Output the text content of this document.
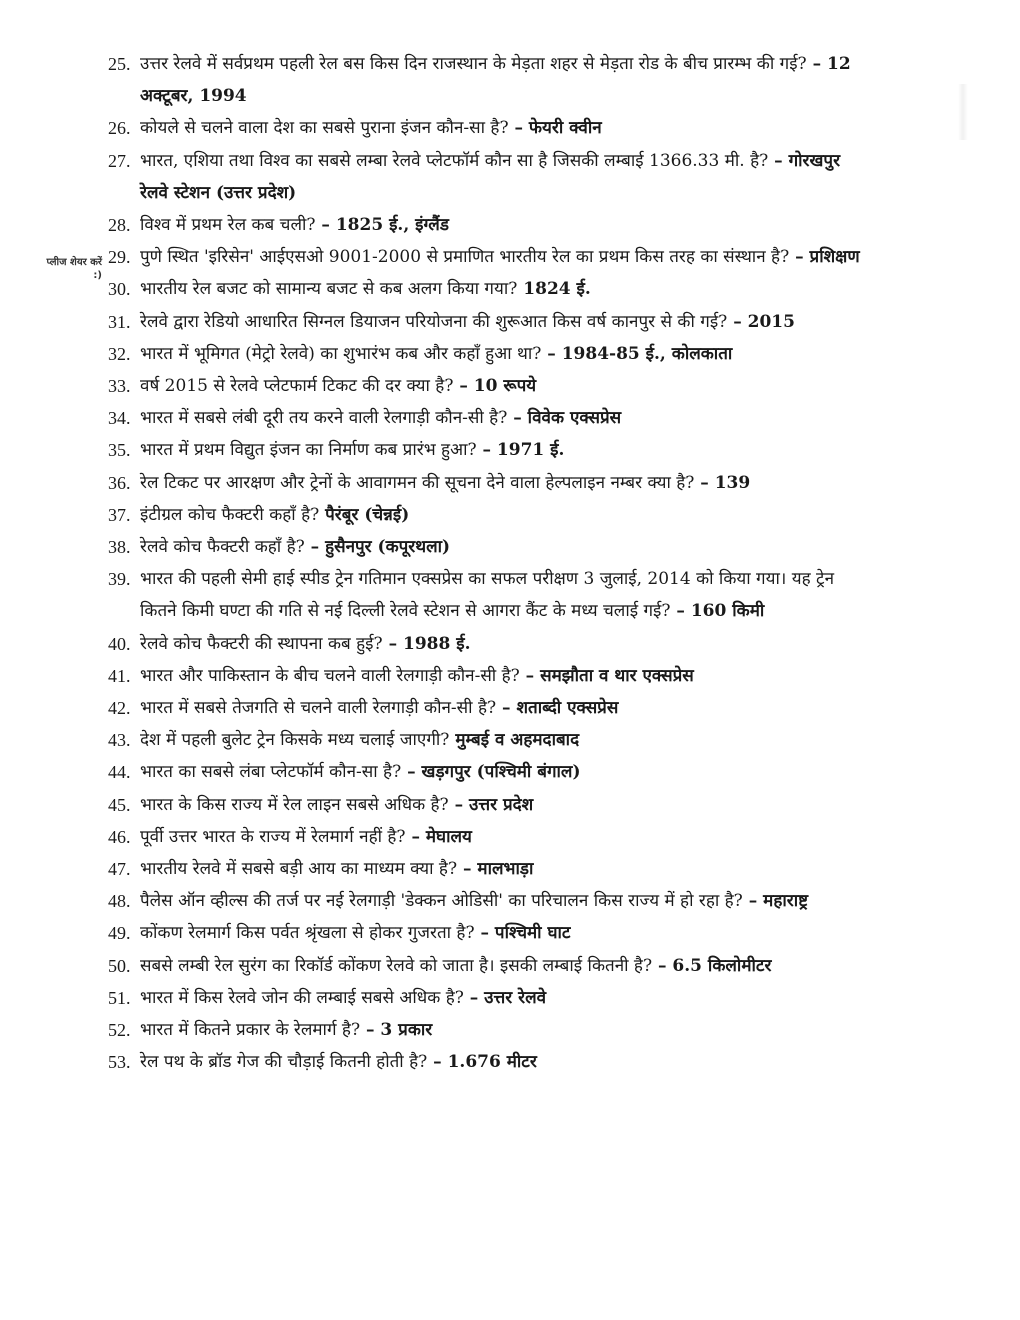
प्लीज शेयर करें :)
25. उत्तर रेलवे में सर्वप्रथम पहली रेल बस किस दिन राजस्थान के मेड़ता शहर से मेड़ता रोड के बीच प्रारम्भ की गई? – 12 अक्टूबर, 1994
26. कोयले से चलने वाला देश का सबसे पुराना इंजन कौन-सा है? – फेयरी क्वीन
27. भारत, एशिया तथा विश्व का सबसे लम्बा रेलवे प्लेटफॉर्म कौन सा है जिसकी लम्बाई 1366.33 मी. है? – गोरखपुर रेलवे स्टेशन (उत्तर प्रदेश)
28. विश्व में प्रथम रेल कब चली? – 1825 ई., इंग्लैंड
29. पुणे स्थित 'इरिसेन' आईएसओ 9001-2000 से प्रमाणित भारतीय रेल का प्रथम किस तरह का संस्थान है? – प्रशिक्षण
30. भारतीय रेल बजट को सामान्य बजट से कब अलग किया गया? 1824 ई.
31. रेलवे द्वारा रेडियो आधारित सिग्नल डियाजन परियोजना की शुरूआत किस वर्ष कानपुर से की गई? – 2015
32. भारत में भूमिगत (मेट्रो रेलवे) का शुभारंभ कब और कहाँ हुआ था? – 1984-85 ई., कोलकाता
33. वर्ष 2015 से रेलवे प्लेटफार्म टिकट की दर क्या है? – 10 रूपये
34. भारत में सबसे लंबी दूरी तय करने वाली रेलगाड़ी कौन-सी है? – विवेक एक्सप्रेस
35. भारत में प्रथम विद्युत इंजन का निर्माण कब प्रारंभ हुआ? – 1971 ई.
36. रेल टिकट पर आरक्षण और ट्रेनों के आवागमन की सूचना देने वाला हेल्पलाइन नम्बर क्या है? – 139
37. इंटीग्रल कोच फैक्टरी कहाँ है? पैरंबूर (चेन्नई)
38. रेलवे कोच फैक्टरी कहाँ है? – हुसैनपुर (कपूरथला)
39. भारत की पहली सेमी हाई स्पीड ट्रेन गतिमान एक्सप्रेस का सफल परीक्षण 3 जुलाई, 2014 को किया गया। यह ट्रेन कितने किमी घण्टा की गति से नई दिल्ली रेलवे स्टेशन से आगरा कैंट के मध्य चलाई गई? – 160 किमी
40. रेलवे कोच फैक्टरी की स्थापना कब हुई? – 1988 ई.
41. भारत और पाकिस्तान के बीच चलने वाली रेलगाड़ी कौन-सी है? – समझौता व थार एक्सप्रेस
42. भारत में सबसे तेजगति से चलने वाली रेलगाड़ी कौन-सी है? – शताब्दी एक्सप्रेस
43. देश में पहली बुलेट ट्रेन किसके मध्य चलाई जाएगी? मुम्बई व अहमदाबाद
44. भारत का सबसे लंबा प्लेटफॉर्म कौन-सा है? – खड़गपुर (पश्चिमी बंगाल)
45. भारत के किस राज्य में रेल लाइन सबसे अधिक है? – उत्तर प्रदेश
46. पूर्वी उत्तर भारत के राज्य में रेलमार्ग नहीं है? – मेघालय
47. भारतीय रेलवे में सबसे बड़ी आय का माध्यम क्या है? – मालभाड़ा
48. पैलेस ऑन व्हील्स की तर्ज पर नई रेलगाड़ी 'डेक्कन ओडिसी' का परिचालन किस राज्य में हो रहा है? – महाराष्ट्र
49. कोंकण रेलमार्ग किस पर्वत श्रृंखला से होकर गुजरता है? – पश्चिमी घाट
50. सबसे लम्बी रेल सुरंग का रिकॉर्ड कोंकण रेलवे को जाता है। इसकी लम्बाई कितनी है? – 6.5 किलोमीटर
51. भारत में किस रेलवे जोन की लम्बाई सबसे अधिक है? – उत्तर रेलवे
52. भारत में कितने प्रकार के रेलमार्ग है? – 3 प्रकार
53. रेल पथ के ब्रॉड गेज की चौड़ाई कितनी होती है? – 1.676 मीटर
